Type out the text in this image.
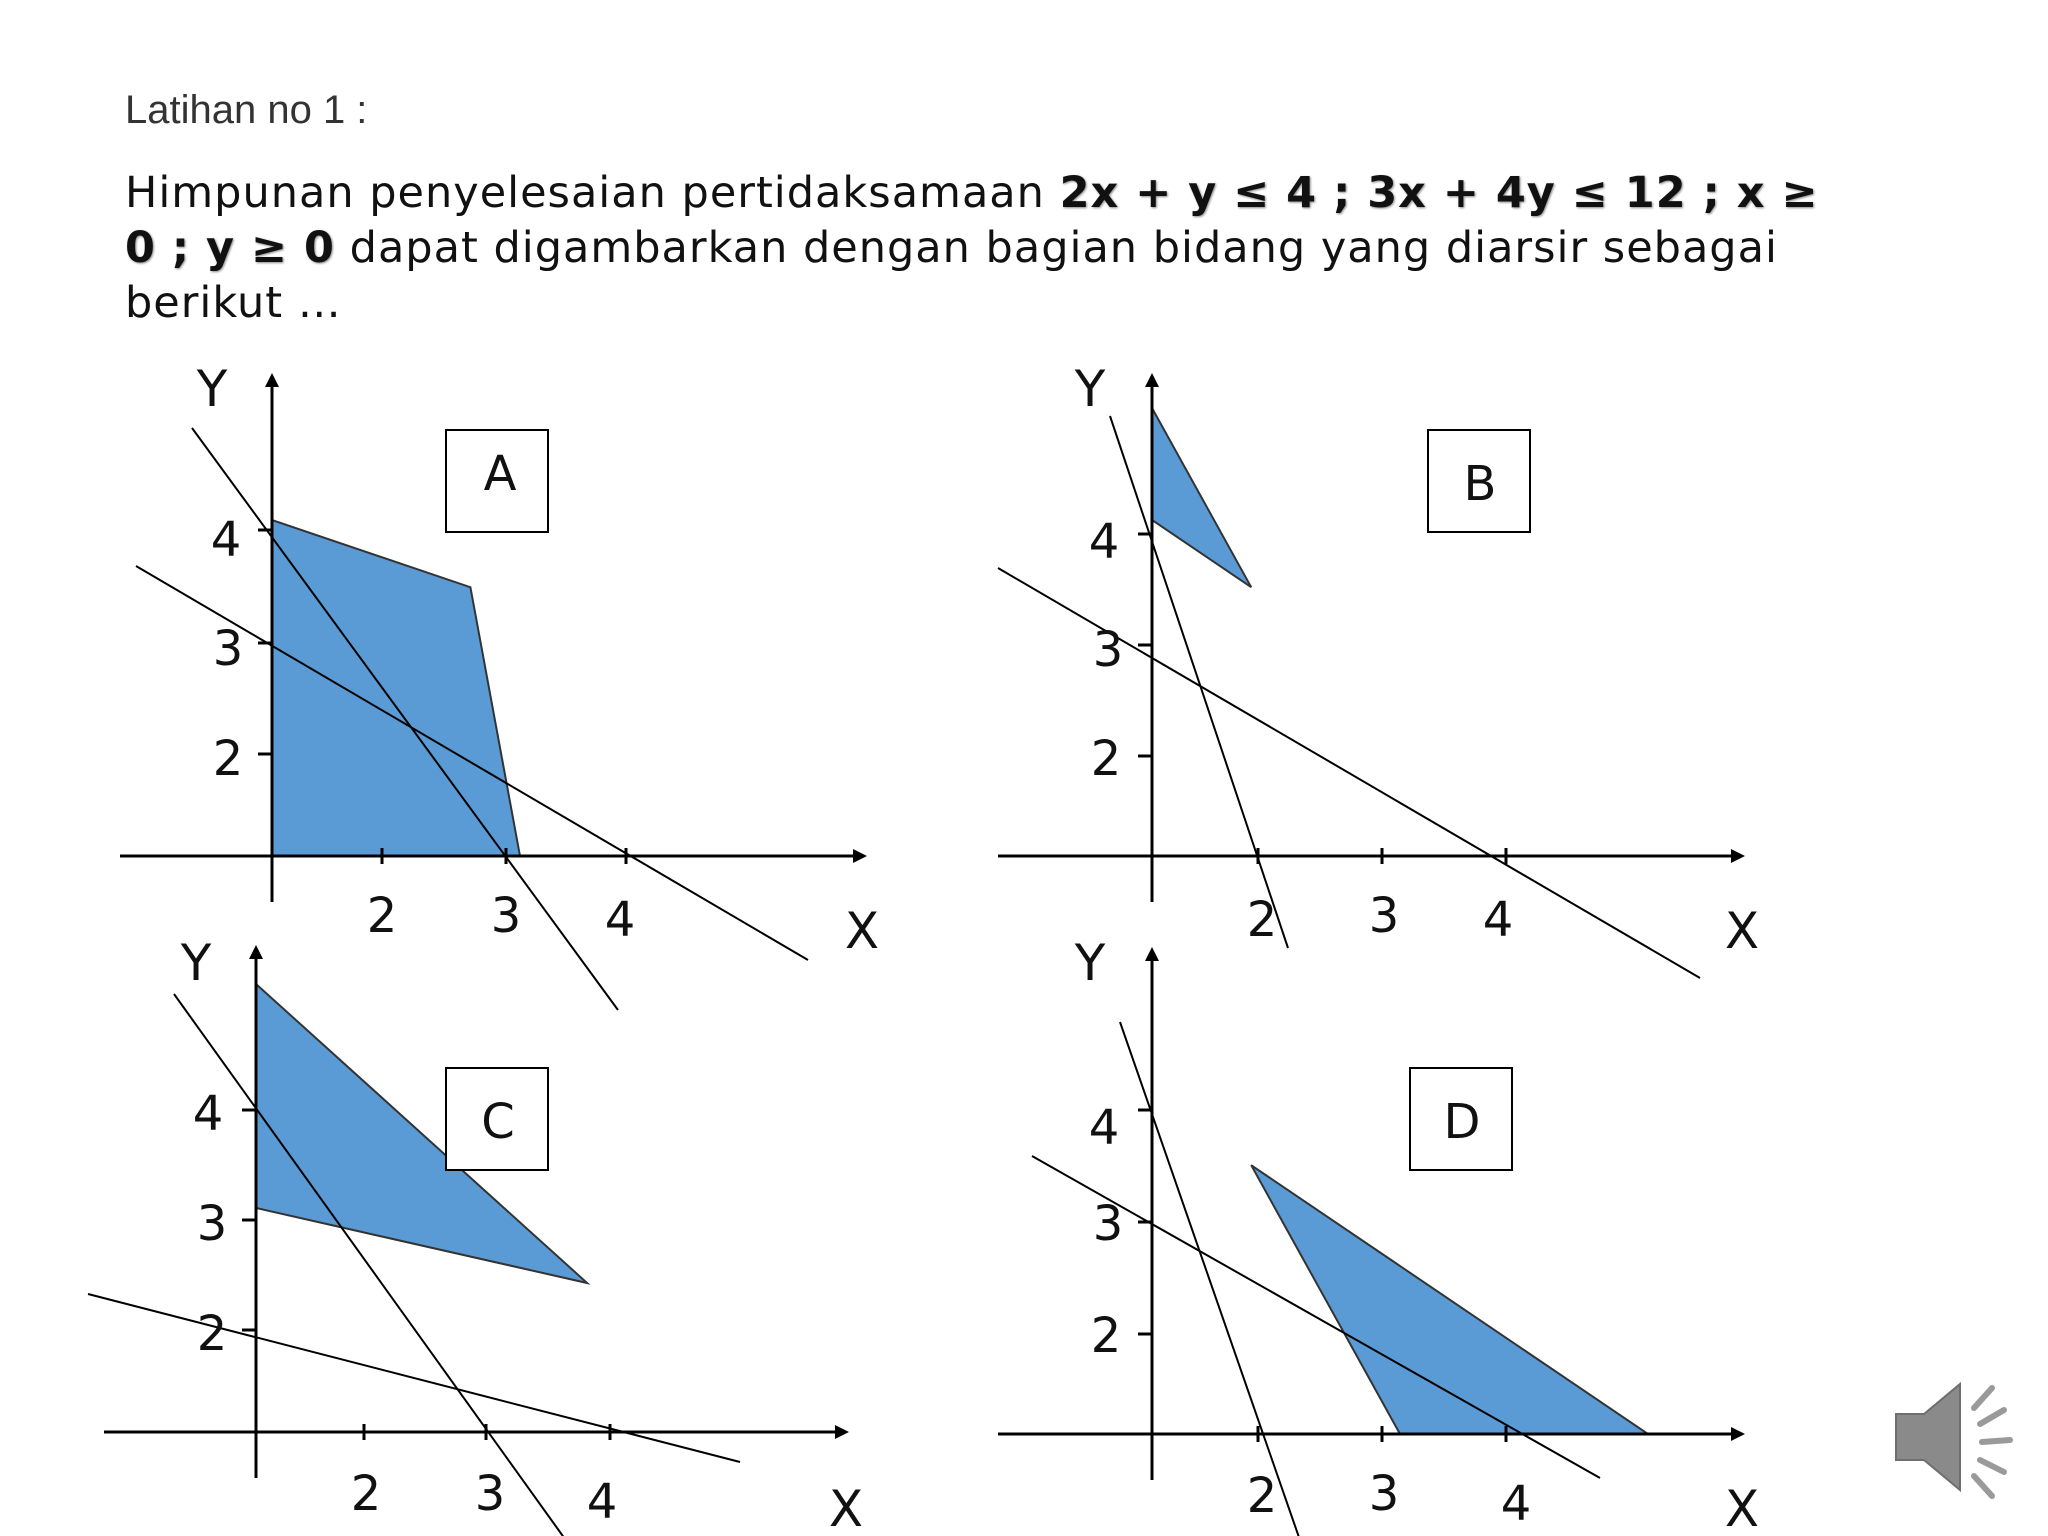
Latihan no 1 :

Himpunan penyelesaian pertidaksamaan 2x + y ≤ 4 ; 3x + 4y ≤ 12 ; x ≥ 0 ; y ≥ 0 dapat digambarkan dengan bagian bidang yang diarsir sebagai berikut …

2 3 4
4
3
2
Y
X
A
2 3 4
4
3
2
Y
X
B
2 3 4
4
3
2
Y
X
C
2 3 4
4
3
2
Y
X
D
